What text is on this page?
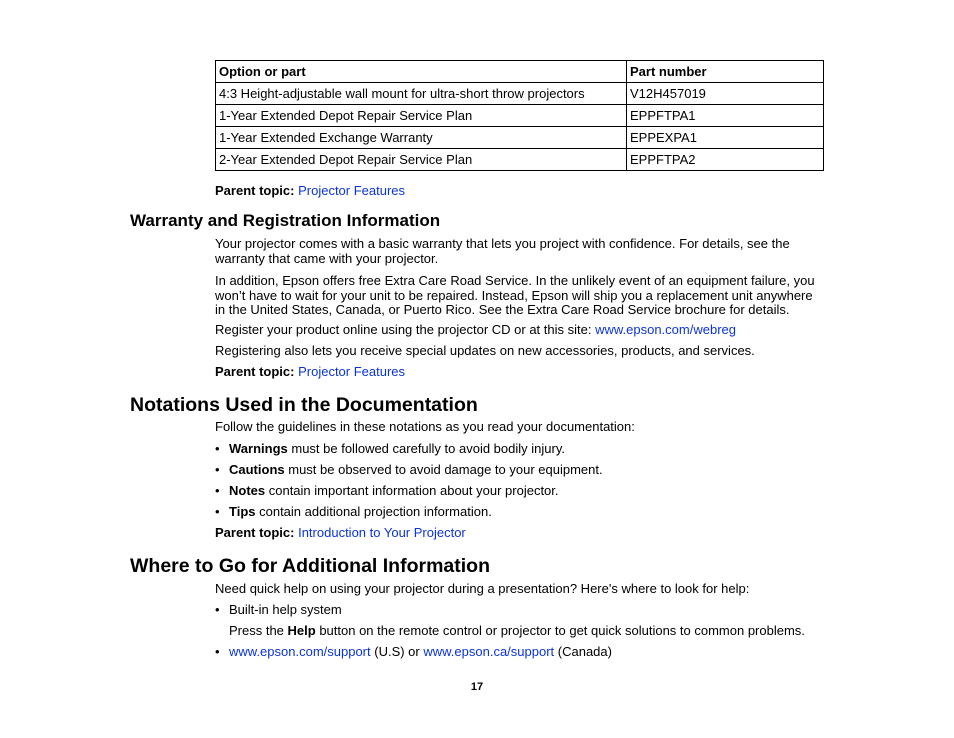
Option or part	Part number
4:3 Height-adjustable wall mount for ultra-short throw projectors	V12H457019
1-Year Extended Depot Repair Service Plan	EPPFTPA1
1-Year Extended Exchange Warranty	EPPEXPA1
2-Year Extended Depot Repair Service Plan	EPPFTPA2
Parent topic: Projector Features
Warranty and Registration Information
Your projector comes with a basic warranty that lets you project with confidence. For details, see the
warranty that came with your projector.
In addition, Epson offers free Extra Care Road Service. In the unlikely event of an equipment failure, you
won’t have to wait for your unit to be repaired. Instead, Epson will ship you a replacement unit anywhere
in the United States, Canada, or Puerto Rico. See the Extra Care Road Service brochure for details.
Register your product online using the projector CD or at this site: www.epson.com/webreg
Registering also lets you receive special updates on new accessories, products, and services.
Parent topic: Projector Features
Notations Used in the Documentation
Follow the guidelines in these notations as you read your documentation:
• Warnings must be followed carefully to avoid bodily injury.
• Cautions must be observed to avoid damage to your equipment.
• Notes contain important information about your projector.
• Tips contain additional projection information.
Parent topic: Introduction to Your Projector
Where to Go for Additional Information
Need quick help on using your projector during a presentation? Here's where to look for help:
• Built-in help system
Press the Help button on the remote control or projector to get quick solutions to common problems.
• www.epson.com/support (U.S) or www.epson.ca/support (Canada)
17
